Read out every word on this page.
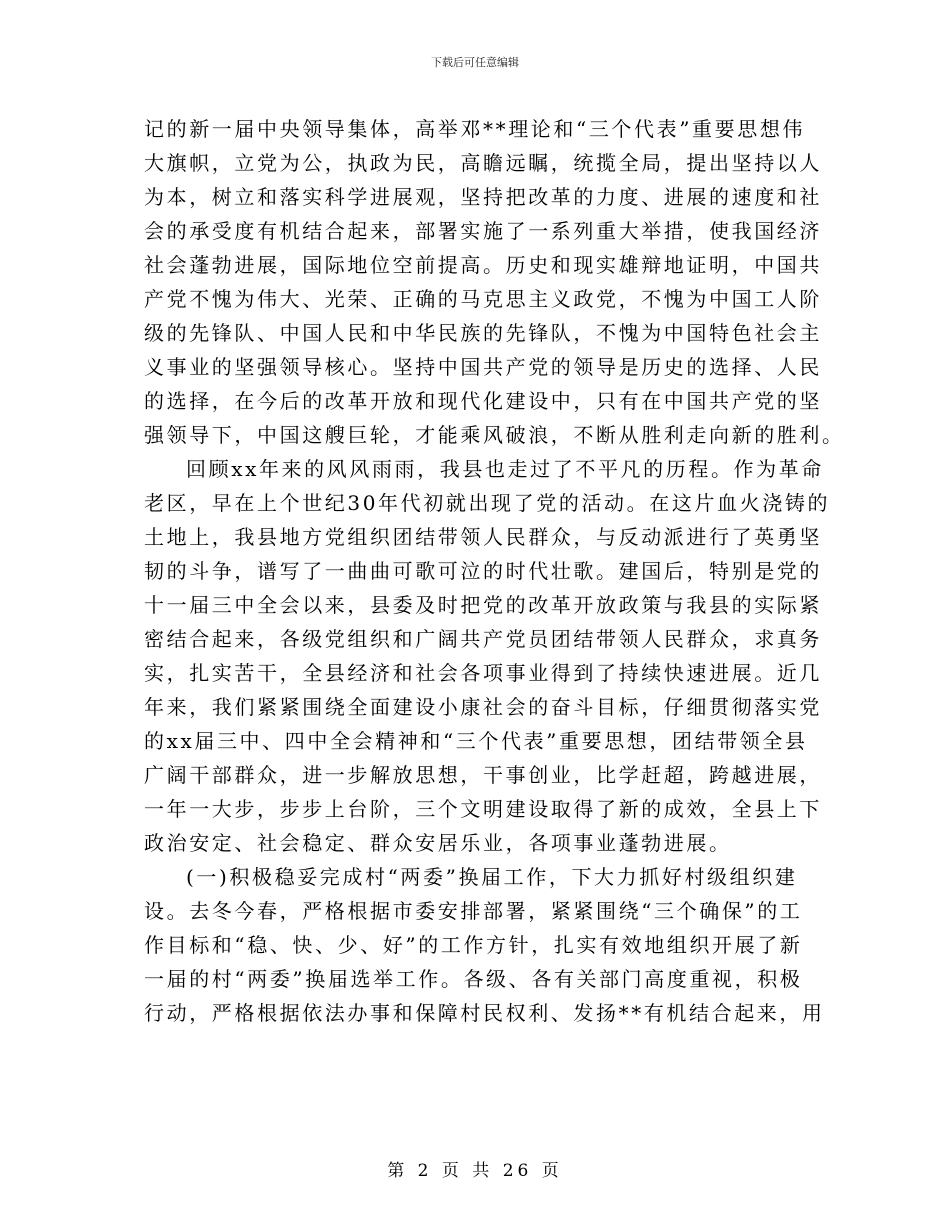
下载后可任意编辑
记的新一届中央领导集体，高举邓**理论和“三个代表”重要思想伟
大旗帜，立党为公，执政为民，高瞻远瞩，统揽全局，提出坚持以人
为本，树立和落实科学进展观，坚持把改革的力度、进展的速度和社
会的承受度有机结合起来，部署实施了一系列重大举措，使我国经济
社会蓬勃进展，国际地位空前提高。历史和现实雄辩地证明，中国共
产党不愧为伟大、光荣、正确的马克思主义政党，不愧为中国工人阶
级的先锋队、中国人民和中华民族的先锋队，不愧为中国特色社会主
义事业的坚强领导核心。坚持中国共产党的领导是历史的选择、人民
的选择，在今后的改革开放和现代化建设中，只有在中国共产党的坚
强领导下，中国这艘巨轮，才能乘风破浪，不断从胜利走向新的胜利。
回顾xx年来的风风雨雨，我县也走过了不平凡的历程。作为革命
老区，早在上个世纪30年代初就出现了党的活动。在这片血火浇铸的
土地上，我县地方党组织团结带领人民群众，与反动派进行了英勇坚
韧的斗争，谱写了一曲曲可歌可泣的时代壮歌。建国后，特别是党的
十一届三中全会以来，县委及时把党的改革开放政策与我县的实际紧
密结合起来，各级党组织和广阔共产党员团结带领人民群众，求真务
实，扎实苦干，全县经济和社会各项事业得到了持续快速进展。近几
年来，我们紧紧围绕全面建设小康社会的奋斗目标，仔细贯彻落实党
的xx届三中、四中全会精神和“三个代表”重要思想，团结带领全县
广阔干部群众，进一步解放思想，干事创业，比学赶超，跨越进展，
一年一大步，步步上台阶，三个文明建设取得了新的成效，全县上下
政治安定、社会稳定、群众安居乐业，各项事业蓬勃进展。
(一)积极稳妥完成村“两委”换届工作，下大力抓好村级组织建
设。去冬今春，严格根据市委安排部署，紧紧围绕“三个确保”的工
作目标和“稳、快、少、好”的工作方针，扎实有效地组织开展了新
一届的村“两委”换届选举工作。各级、各有关部门高度重视，积极
行动，严格根据依法办事和保障村民权利、发扬**有机结合起来，用
第 2 页 共 26 页
